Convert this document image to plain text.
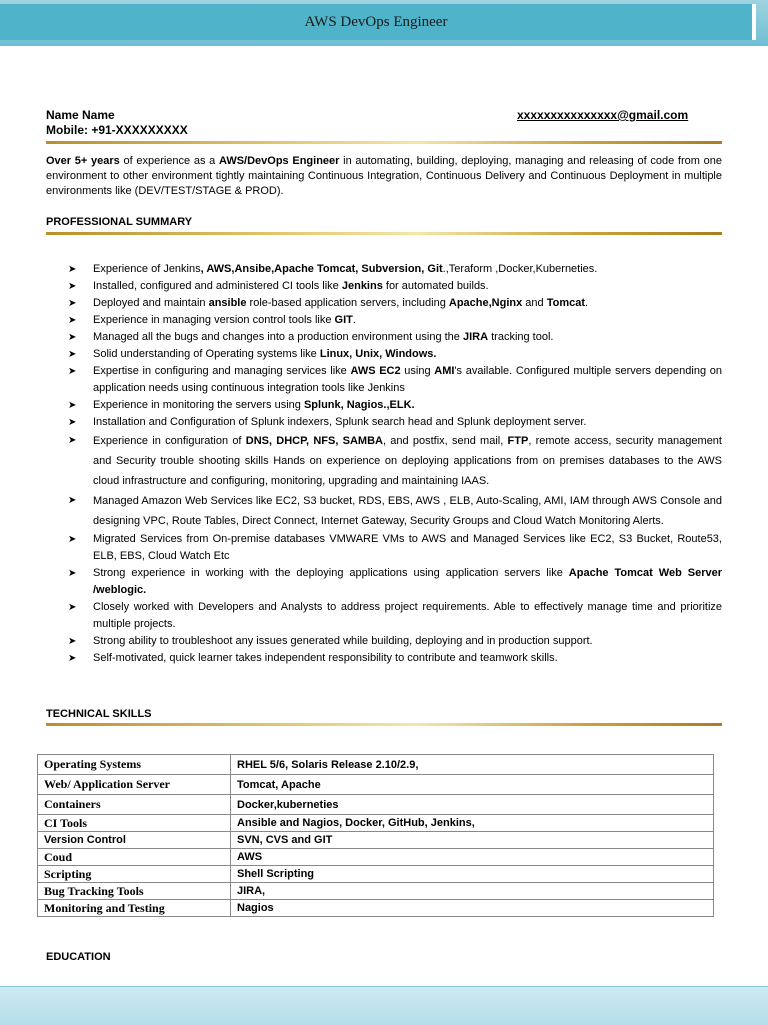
AWS DevOps Engineer
Name Name
Mobile: +91-XXXXXXXXX
xxxxxxxxxxxxxxx@gmail.com
Over 5+ years of experience as a AWS/DevOps Engineer in automating, building, deploying, managing and releasing of code from one environment to other environment tightly maintaining Continuous Integration, Continuous Delivery and Continuous Deployment in multiple environments like (DEV/TEST/STAGE & PROD).
PROFESSIONAL SUMMARY
➤ Experience of Jenkins, AWS,Ansibe,Apache Tomcat, Subversion, Git.,Teraform ,Docker,Kuberneties.
➤ Installed, configured and administered CI tools like Jenkins for automated builds.
➤ Deployed and maintain ansible role-based application servers, including Apache,Nginx and Tomcat.
➤ Experience in managing version control tools like GIT.
➤ Managed all the bugs and changes into a production environment using the JIRA tracking tool.
➤ Solid understanding of Operating systems like Linux, Unix, Windows.
➤ Expertise in configuring and managing services like AWS EC2 using AMI's available. Configured multiple servers depending on application needs using continuous integration tools like Jenkins
➤ Experience in monitoring the servers using Splunk, Nagios.,ELK.
➤ Installation and Configuration of Splunk indexers, Splunk search head and Splunk deployment server.
➤ Experience in configuration of DNS, DHCP, NFS, SAMBA, and postfix, send mail, FTP, remote access, security management and Security trouble shooting skills Hands on experience on deploying applications from on premises databases to the AWS cloud infrastructure and configuring, monitoring, upgrading and maintaining IAAS.
➤ Managed Amazon Web Services like EC2, S3 bucket, RDS, EBS, AWS , ELB, Auto-Scaling, AMI, IAM through AWS Console and designing VPC, Route Tables, Direct Connect, Internet Gateway, Security Groups and Cloud Watch Monitoring Alerts.
➤ Migrated Services from On-premise databases VMWARE VMs to AWS and Managed Services like EC2, S3 Bucket, Route53, ELB, EBS, Cloud Watch Etc
➤ Strong experience in working with the deploying applications using application servers like Apache Tomcat Web Server /weblogic.
➤ Closely worked with Developers and Analysts to address project requirements. Able to effectively manage time and prioritize multiple projects.
➤ Strong ability to troubleshoot any issues generated while building, deploying and in production support.
➤ Self-motivated, quick learner takes independent responsibility to contribute and teamwork skills.
TECHNICAL SKILLS
Operating Systems	RHEL 5/6, Solaris Release 2.10/2.9,
Web/ Application Server	Tomcat, Apache
Containers	Docker,kuberneties
CI Tools	Ansible and Nagios, Docker, GitHub, Jenkins,
Version Control	SVN, CVS and GIT
Coud	AWS
Scripting	Shell Scripting
Bug Tracking Tools	JIRA,
Monitoring and Testing	Nagios
EDUCATION
